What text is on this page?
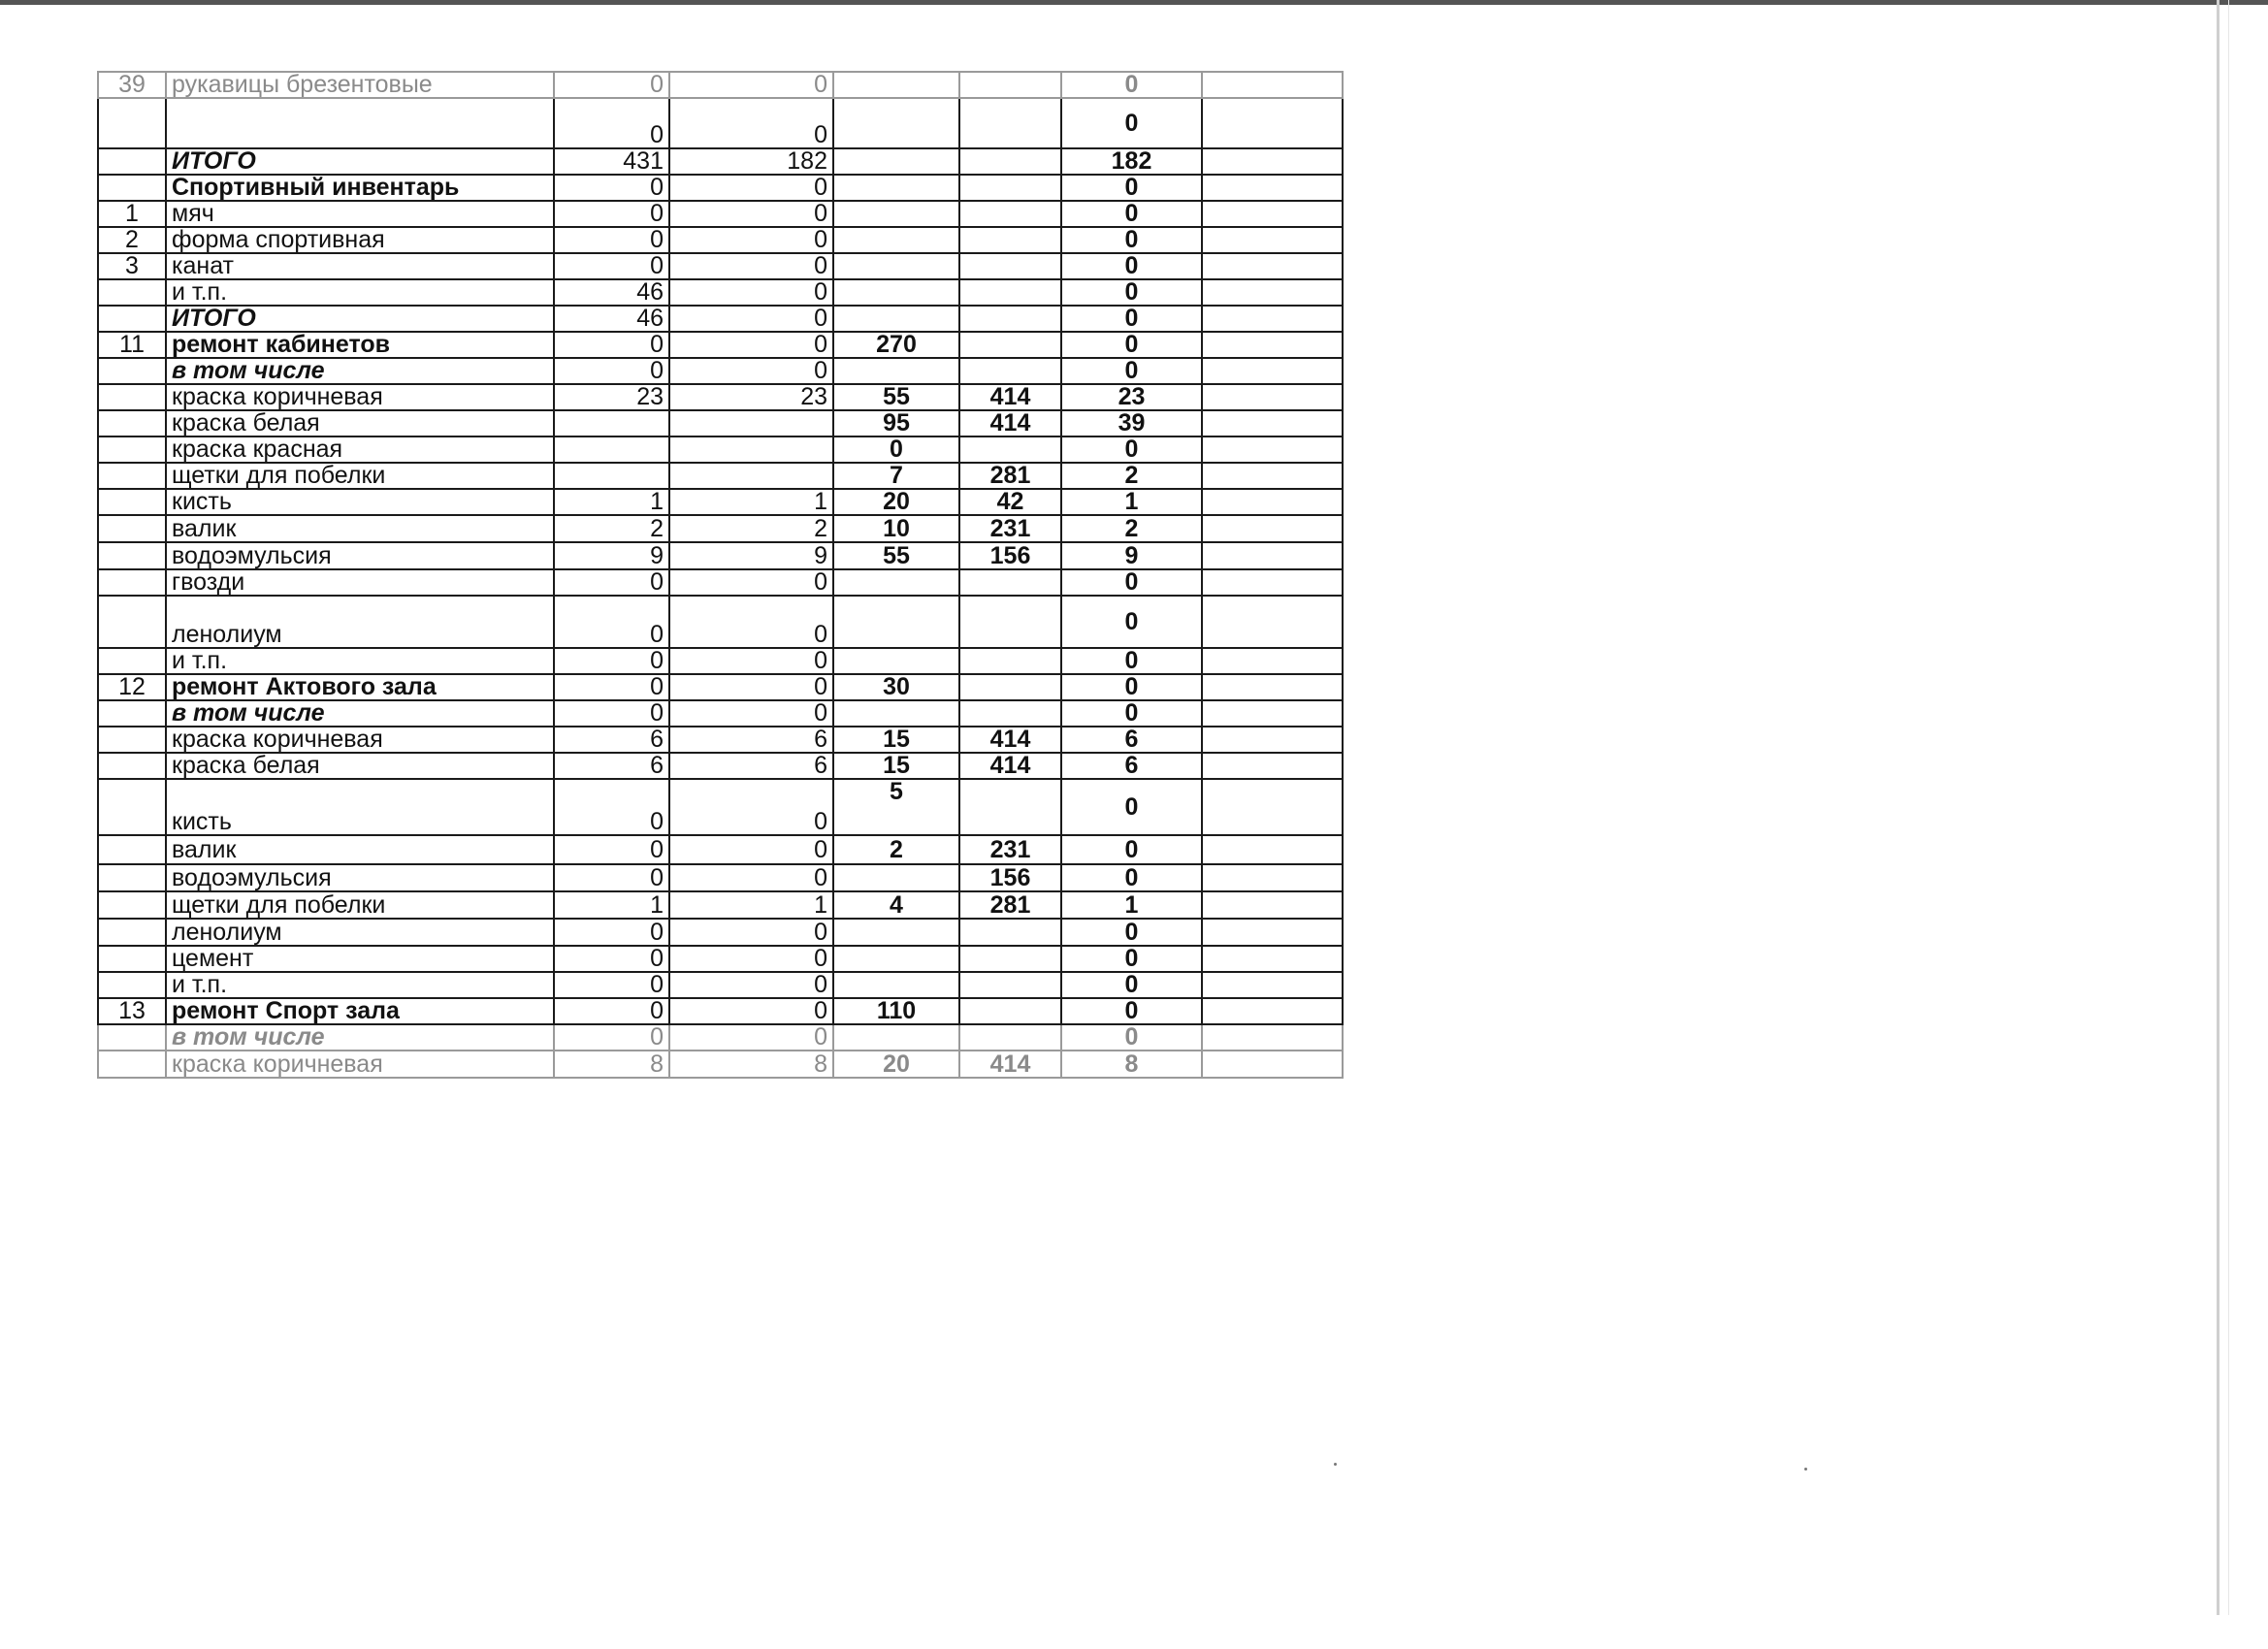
39	рукавицы брезентовые	0	0			0	
		0	0			0	
	ИТОГО	431	182			182	
	Спортивный инвентарь	0	0			0	
1	мяч	0	0			0	
2	форма спортивная	0	0			0	
3	канат	0	0			0	
	и т.п.	46	0			0	
	ИТОГО	46	0			0	
11	ремонт кабинетов	0	0	270		0	
	в том числе	0	0			0	
	краска коричневая	23	23	55	414	23	
	краска белая			95	414	39	
	краска красная			0		0	
	щетки для побелки			7	281	2	
	кисть	1	1	20	42	1	
	валик	2	2	10	231	2	
	водоэмульсия	9	9	55	156	9	
	гвозди	0	0			0	
	ленолиум	0	0			0	
	и т.п.	0	0			0	
12	ремонт Актового зала	0	0	30		0	
	в том числе	0	0			0	
	краска коричневая	6	6	15	414	6	
	краска белая	6	6	15	414	6	
	кисть	0	0	5		0	
	валик	0	0	2	231	0	
	водоэмульсия	0	0		156	0	
	щетки для побелки	1	1	4	281	1	
	ленолиум	0	0			0	
	цемент	0	0			0	
	и т.п.	0	0			0	
13	ремонт Спорт зала	0	0	110		0	
	в том числе	0	0			0	
	краска коричневая	8	8	20	414	8	
